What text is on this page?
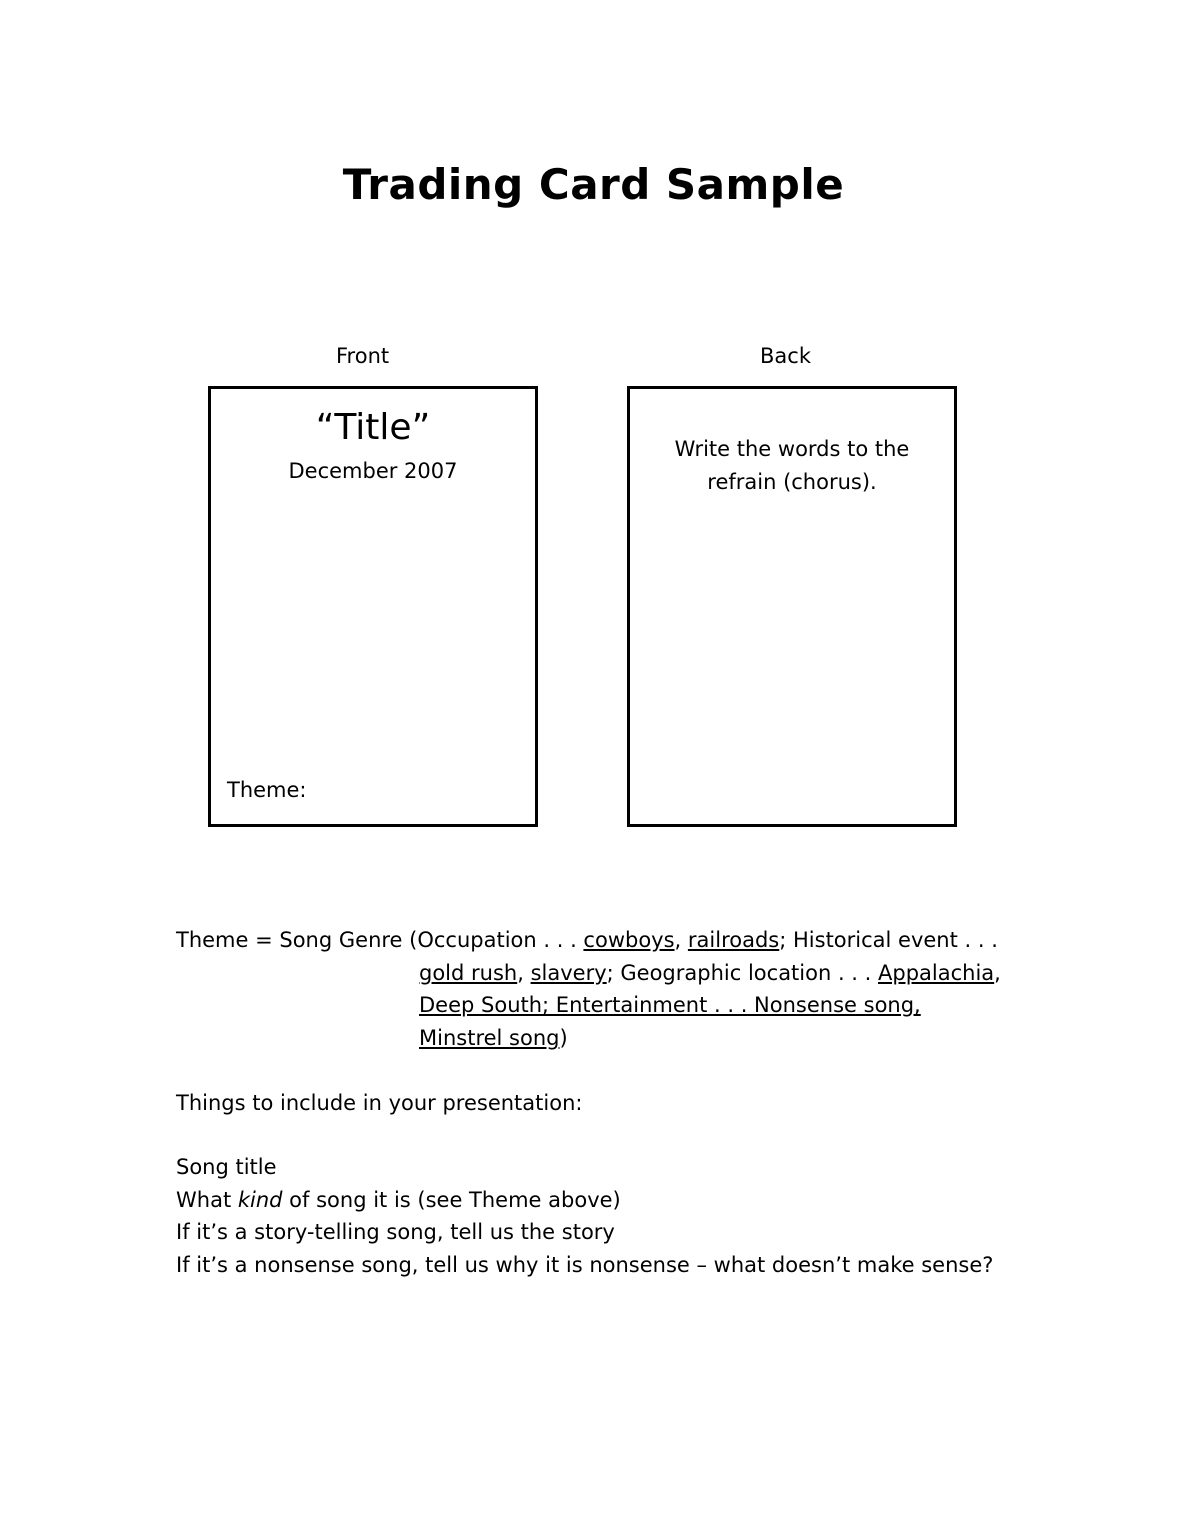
Trading Card Sample
Front	Back
“Title”
December 2007
Theme:
Write the words to the
refrain (chorus).
Theme = Song Genre (Occupation . . . cowboys, railroads; Historical event . . .
gold rush, slavery; Geographic location . . . Appalachia,
Deep South; Entertainment . . . Nonsense song,
Minstrel song)
Things to include in your presentation:
Song title
What kind of song it is (see Theme above)
If it’s a story-telling song, tell us the story
If it’s a nonsense song, tell us why it is nonsense – what doesn’t make sense?
